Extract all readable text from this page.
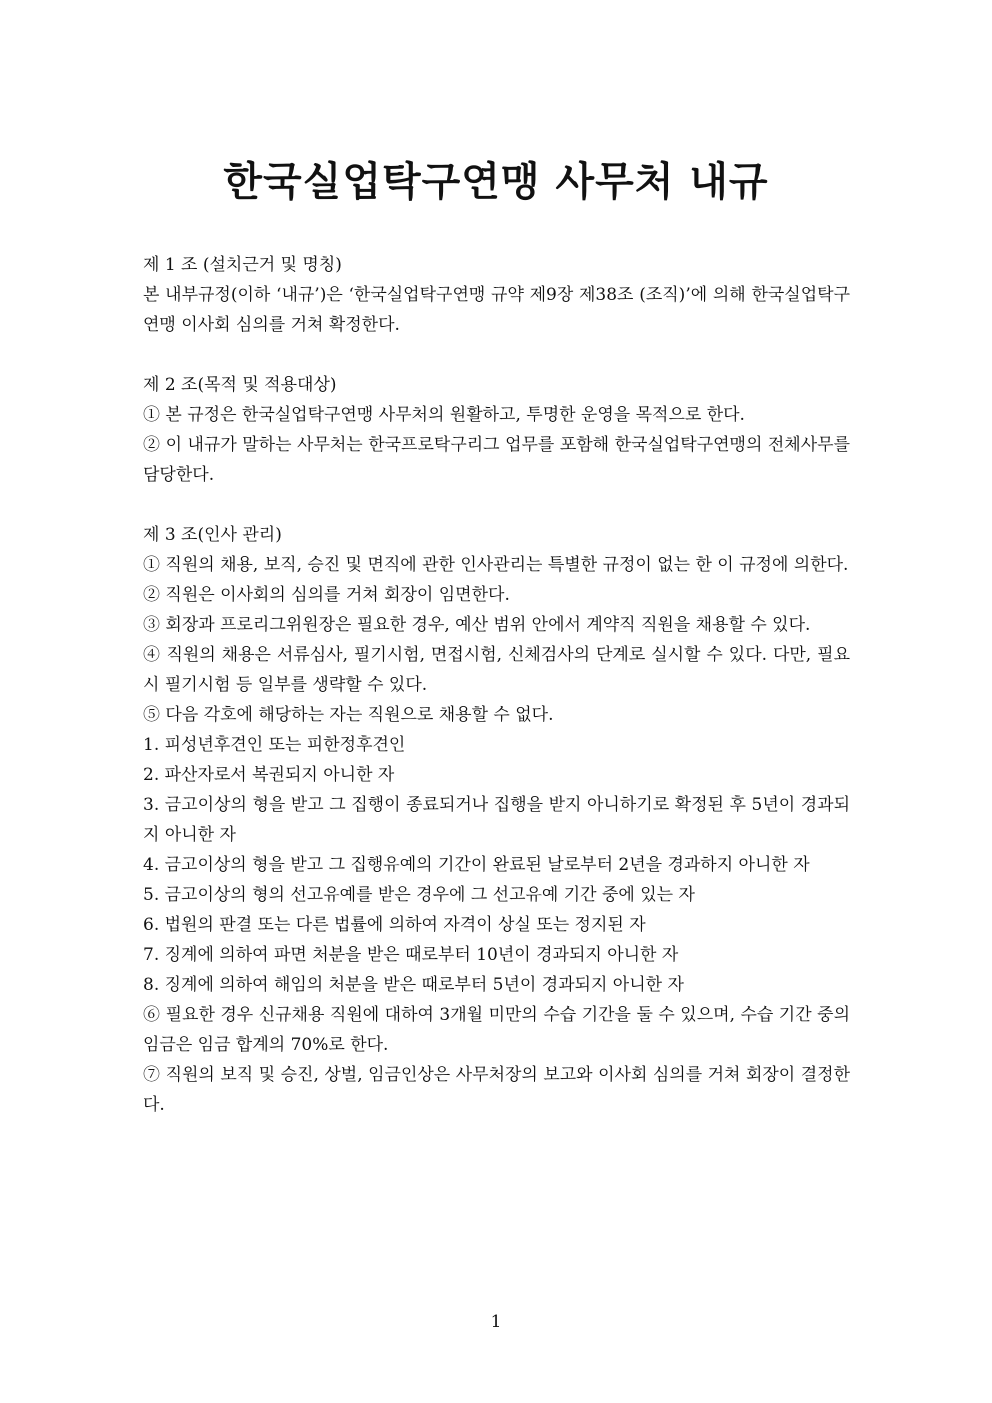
한국실업탁구연맹 사무처 내규
제 1 조 (설치근거 및 명칭)

본 내부규정(이하 ‘내규’)은 ‘한국실업탁구연맹 규약 제9장 제38조 (조직)’에 의해 한국실업탁구연맹 이사회 심의를 거쳐 확정한다.

제 2 조(목적 및 적용대상)

① 본 규정은 한국실업탁구연맹 사무처의 원활하고, 투명한 운영을 목적으로 한다.

② 이 내규가 말하는 사무처는 한국프로탁구리그 업무를 포함해 한국실업탁구연맹의 전체사무를 담당한다.

제 3 조(인사 관리)

① 직원의 채용, 보직, 승진 및 면직에 관한 인사관리는 특별한 규정이 없는 한 이 규정에 의한다.

② 직원은 이사회의 심의를 거쳐 회장이 임면한다.

③ 회장과 프로리그위원장은 필요한 경우, 예산 범위 안에서 계약직 직원을 채용할 수 있다.

④ 직원의 채용은 서류심사, 필기시험, 면접시험, 신체검사의 단계로 실시할 수 있다. 다만, 필요 시 필기시험 등 일부를 생략할 수 있다.

⑤ 다음 각호에 해당하는 자는 직원으로 채용할 수 없다.

1. 피성년후견인 또는 피한정후견인

2. 파산자로서 복권되지 아니한 자

3. 금고이상의 형을 받고 그 집행이 종료되거나 집행을 받지 아니하기로 확정된 후 5년이 경과되지 아니한 자

4. 금고이상의 형을 받고 그 집행유예의 기간이 완료된 날로부터 2년을 경과하지 아니한 자

5. 금고이상의 형의 선고유예를 받은 경우에 그 선고유예 기간 중에 있는 자

6. 법원의 판결 또는 다른 법률에 의하여 자격이 상실 또는 정지된 자

7. 징계에 의하여 파면 처분을 받은 때로부터 10년이 경과되지 아니한 자

8. 징계에 의하여 해임의 처분을 받은 때로부터 5년이 경과되지 아니한 자

⑥ 필요한 경우 신규채용 직원에 대하여 3개월 미만의 수습 기간을 둘 수 있으며, 수습 기간 중의 임금은 임금 합계의 70%로 한다.

⑦ 직원의 보직 및 승진, 상벌, 임금인상은 사무처장의 보고와 이사회 심의를 거쳐 회장이 결정한다.

1
